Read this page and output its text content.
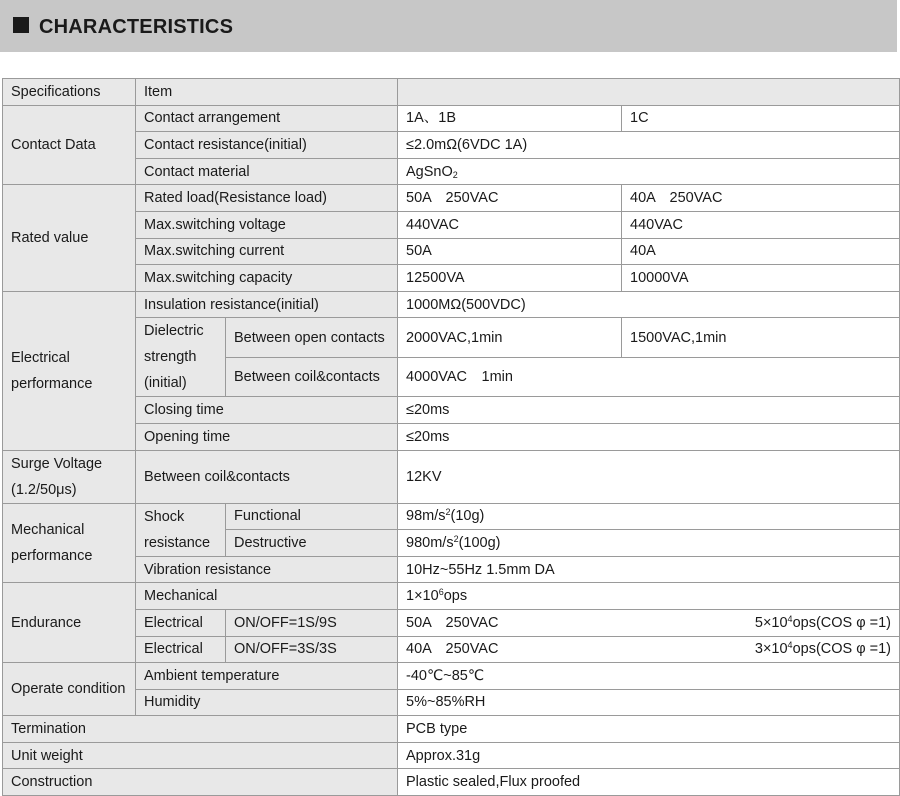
CHARACTERISTICS
Specifications	Item			
Contact Data	Contact arrangement		1A、1B	1C
	Contact resistance(initial)		≤2.0mΩ(6VDC 1A)	
	Contact material		AgSnO$_2$
Rated value	Rated load(Resistance load)		50A　250VAC	40A　250VAC
	Max.switching voltage		440VAC	440VAC
	Max.switching current		50A	40A
	Max.switching capacity		12500VA	10000VA
Electrical performance	Insulation resistance(initial)		1000MΩ(500VDC)	
	Dielectric strength (initial)	Between open contacts	2000VAC,1min	1500VAC,1min
		Between coil&contacts	4000VAC　1min	
	Closing time		≤20ms	
	Opening time		≤20ms	
Surge Voltage (1.2/50μs)	Between coil&contacts		12KV	
Mechanical performance	Shock resistance	Functional	$98m/s^2(10g)$	
		Destructive	$980m/s^2(100g)$	
	Vibration resistance		10Hz~55Hz 1.5mm DA	
Endurance	Mechanical		$1\times 10^6ops$	
	Electrical	ON/OFF=1S/9S	50A　250VAC $5\times 10^4ops(COS$ φ =1)	

	Electrical	ON/OFF=3S/3S	40A　250VAC $3\times 10^4ops(COS$ φ =1)	

Operate condition	Ambient temperature		-40℃~85℃	
	Humidity		5%~85%RH	
Termination			PCB type	
Unit weight			Approx.31g	
Construction			Plastic sealed,Flux proofed	
